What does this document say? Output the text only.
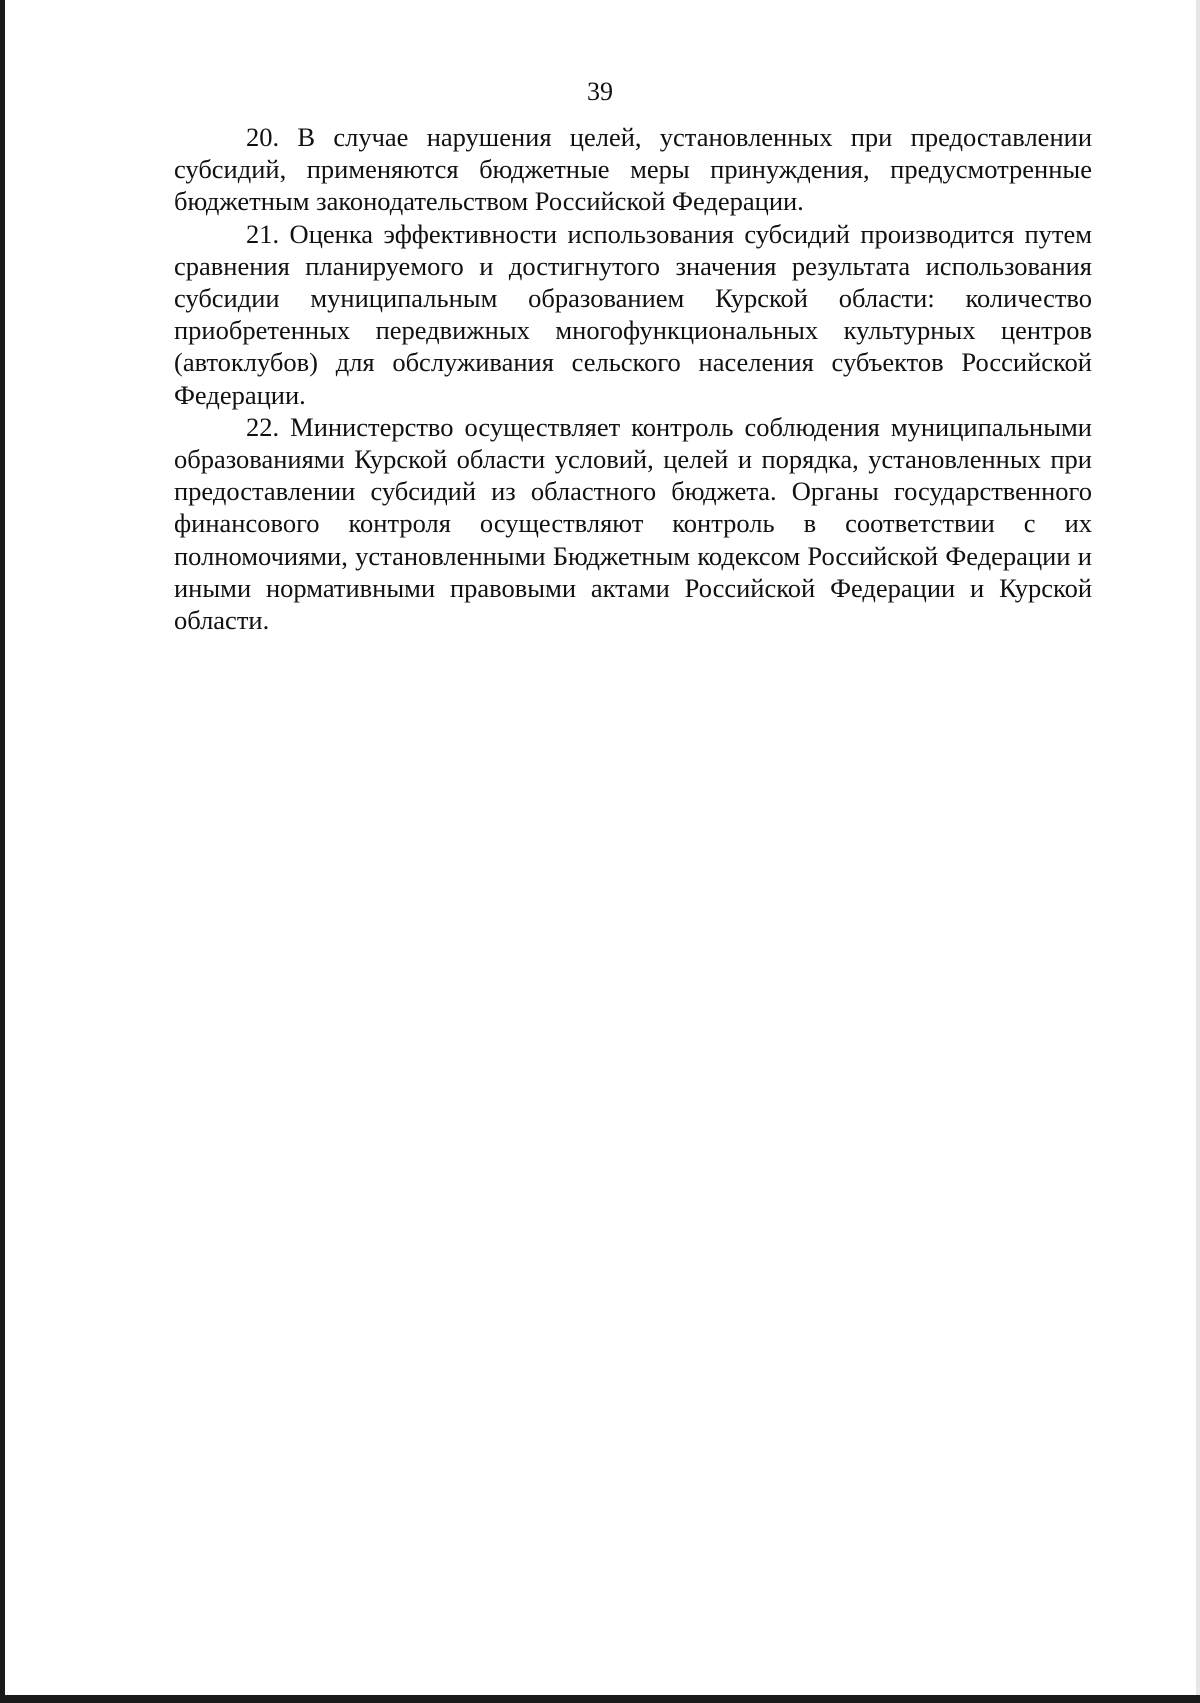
39

20. В случае нарушения целей, установленных при предоставлении субсидий, применяются бюджетные меры принуждения, предусмотренные бюджетным законодательством Российской Федерации.

21. Оценка эффективности использования субсидий производится путем сравнения планируемого и достигнутого значения результата использования субсидии муниципальным образованием Курской области: количество приобретенных передвижных многофункциональных культурных центров (автоклубов) для обслуживания сельского населения субъектов Российской Федерации.

22. Министерство осуществляет контроль соблюдения муниципальными образованиями Курской области условий, целей и порядка, установленных при предоставлении субсидий из областного бюджета. Органы государственного финансового контроля осуществляют контроль в соответствии с их полномочиями, установленными Бюджетным кодексом Российской Федерации и иными нормативными правовыми актами Российской Федерации и Курской области.
